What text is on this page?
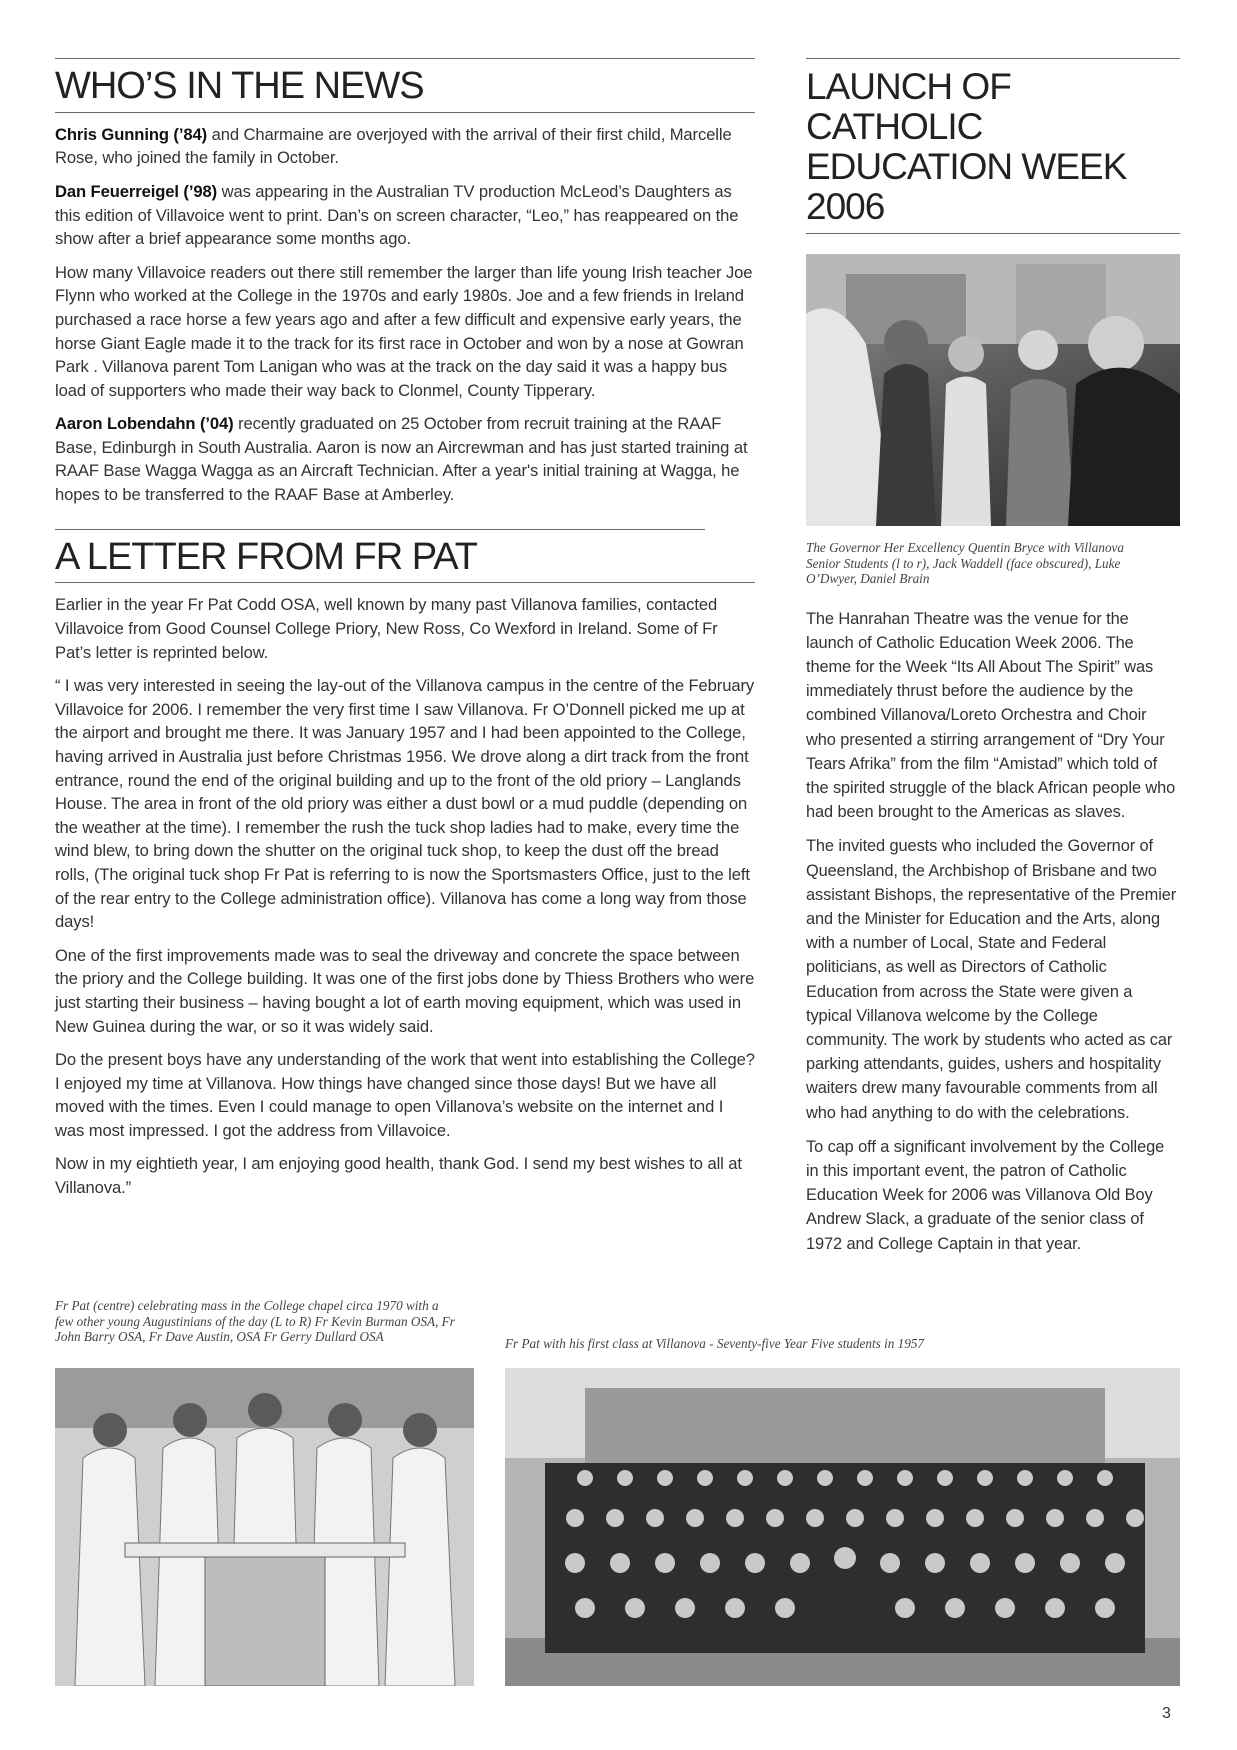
WHO’S IN THE NEWS

Chris Gunning (’84) and Charmaine are overjoyed with the arrival of their first child, Marcelle Rose, who joined the family in October.

Dan Feuerreigel (’98) was appearing in the Australian TV production McLeod’s Daughters as this edition of Villavoice went to print. Dan’s on screen character, “Leo,” has reappeared on the show after a brief appearance some months ago.

How many Villavoice readers out there still remember the larger than life young Irish teacher Joe Flynn who worked at the College in the 1970s and early 1980s. Joe and a few friends in Ireland purchased a race horse a few years ago and after a few difficult and expensive early years, the horse Giant Eagle made it to the track for its first race in October and won by a nose at Gowran Park . Villanova parent Tom Lanigan who was at the track on the day said it was a happy bus load of supporters who made their way back to Clonmel, County Tipperary.

Aaron Lobendahn (’04) recently graduated on 25 October from recruit training at the RAAF Base, Edinburgh in South Australia. Aaron is now an Aircrewman and has just started training at RAAF Base Wagga Wagga as an Aircraft Technician. After a year's initial training at Wagga, he hopes to be transferred to the RAAF Base at Amberley.

A LETTER FROM FR PAT

Earlier in the year Fr Pat Codd OSA, well known by many past Villanova families, contacted Villavoice from Good Counsel College Priory, New Ross, Co Wexford in Ireland. Some of Fr Pat’s letter is reprinted below.

“ I was very interested in seeing the lay-out of the Villanova campus in the centre of the February Villavoice for 2006. I remember the very first time I saw Villanova. Fr O’Donnell picked me up at the airport and brought me there. It was January 1957 and I had been appointed to the College, having arrived in Australia just before Christmas 1956. We drove along a dirt track from the front entrance, round the end of the original building and up to the front of the old priory – Langlands House. The area in front of the old priory was either a dust bowl or a mud puddle (depending on the weather at the time). I remember the rush the tuck shop ladies had to make, every time the wind blew, to bring down the shutter on the original tuck shop, to keep the dust off the bread rolls, (The original tuck shop Fr Pat is referring to is now the Sportsmasters Office, just to the left of the rear entry to the College administration office). Villanova has come a long way from those days!

One of the first improvements made was to seal the driveway and concrete the space between the priory and the College building. It was one of the first jobs done by Thiess Brothers who were just starting their business – having bought a lot of earth moving equipment, which was used in New Guinea during the war, or so it was widely said.

Do the present boys have any understanding of the work that went into establishing the College? I enjoyed my time at Villanova. How things have changed since those days! But we have all moved with the times. Even I could manage to open Villanova’s website on the internet and I was most impressed. I got the address from Villavoice.

Now in my eightieth year, I am enjoying good health, thank God. I send my best wishes to all at Villanova.”

LAUNCH OF CATHOLIC
EDUCATION WEEK 2006

The Governor Her Excellency Quentin Bryce with Villanova Senior Students (l to r), Jack Waddell (face obscured), Luke O’Dwyer, Daniel Brain

The Hanrahan Theatre was the venue for the launch of Catholic Education Week 2006. The theme for the Week “Its All About The Spirit” was immediately thrust before the audience by the combined Villanova/Loreto Orchestra and Choir who presented a stirring arrangement of “Dry Your Tears Afrika” from the film “Amistad” which told of the spirited struggle of the black African people who had been brought to the Americas as slaves.

The invited guests who included the Governor of Queensland, the Archbishop of Brisbane and two assistant Bishops, the representative of the Premier and the Minister for Education and the Arts, along with a number of Local, State and Federal politicians, as well as Directors of Catholic Education from across the State were given a typical Villanova welcome by the College community. The work by students who acted as car parking attendants, guides, ushers and hospitality waiters drew many favourable comments from all who had anything to do with the celebrations.

To cap off a significant involvement by the College in this important event, the patron of Catholic Education Week for 2006 was Villanova Old Boy Andrew Slack, a graduate of the senior class of 1972 and College Captain in that year.

Fr Pat (centre) celebrating mass in the College chapel circa 1970 with a few other young Augustinians of the day (L to R) Fr Kevin Burman OSA, Fr John Barry OSA, Fr Dave Austin, OSA Fr Gerry Dullard OSA	Fr Pat with his first class at Villanova - Seventy-five Year Five students in 1957

3
